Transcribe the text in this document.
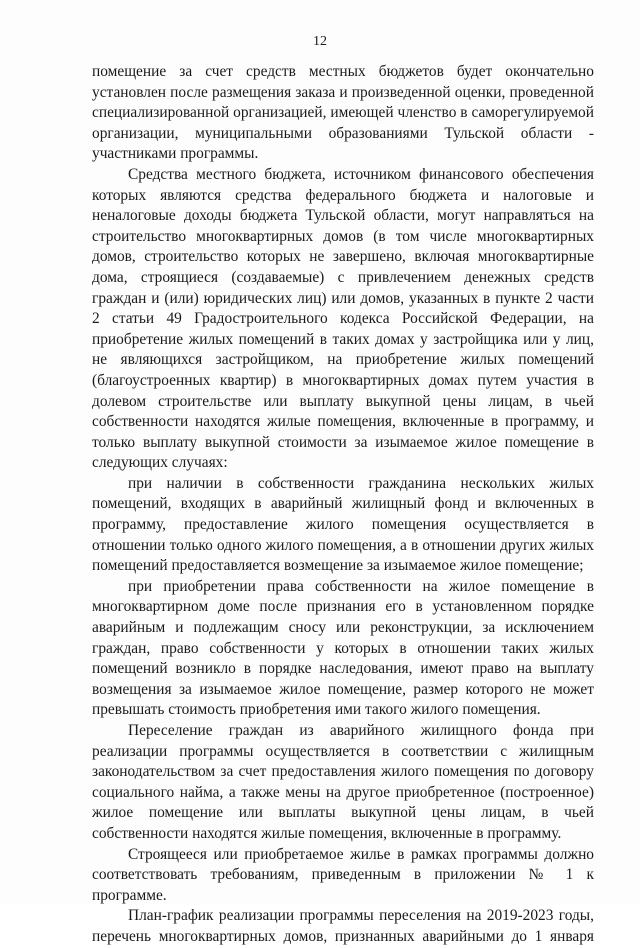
12

помещение за счет средств местных бюджетов будет окончательно установлен после размещения заказа и произведенной оценки, проведенной специализированной организацией, имеющей членство в саморегулируемой организации, муниципальными образованиями Тульской области - участниками программы.

Средства местного бюджета, источником финансового обеспечения которых являются средства федерального бюджета и налоговые и неналоговые доходы бюджета Тульской области, могут направляться на строительство многоквартирных домов (в том числе многоквартирных домов, строительство которых не завершено, включая многоквартирные дома, строящиеся (создаваемые) с привлечением денежных средств граждан и (или) юридических лиц) или домов, указанных в пункте 2 части 2 статьи 49 Градостроительного кодекса Российской Федерации, на приобретение жилых помещений в таких домах у застройщика или у лиц, не являющихся застройщиком, на приобретение жилых помещений (благоустроенных квартир) в многоквартирных домах путем участия в долевом строительстве или выплату выкупной цены лицам, в чьей собственности находятся жилые помещения, включенные в программу, и только выплату выкупной стоимости за изымаемое жилое помещение в следующих случаях:

при наличии в собственности гражданина нескольких жилых помещений, входящих в аварийный жилищный фонд и включенных в программу, предоставление жилого помещения осуществляется в отношении только одного жилого помещения, а в отношении других жилых помещений предоставляется возмещение за изымаемое жилое помещение;

при приобретении права собственности на жилое помещение в многоквартирном доме после признания его в установленном порядке аварийным и подлежащим сносу или реконструкции, за исключением граждан, право собственности у которых в отношении таких жилых помещений возникло в порядке наследования, имеют право на выплату возмещения за изымаемое жилое помещение, размер которого не может превышать стоимость приобретения ими такого жилого помещения.

Переселение граждан из аварийного жилищного фонда при реализации программы осуществляется в соответствии с жилищным законодательством за счет предоставления жилого помещения по договору социального найма, а также мены на другое приобретенное (построенное) жилое помещение или выплаты выкупной цены лицам, в чьей собственности находятся жилые помещения, включенные в программу.

Строящееся или приобретаемое жилье в рамках программы должно соответствовать требованиям, приведенным в приложении № 1 к программе.

План-график реализации программы переселения на 2019-2023 годы, перечень многоквартирных домов, признанных аварийными до 1 января
